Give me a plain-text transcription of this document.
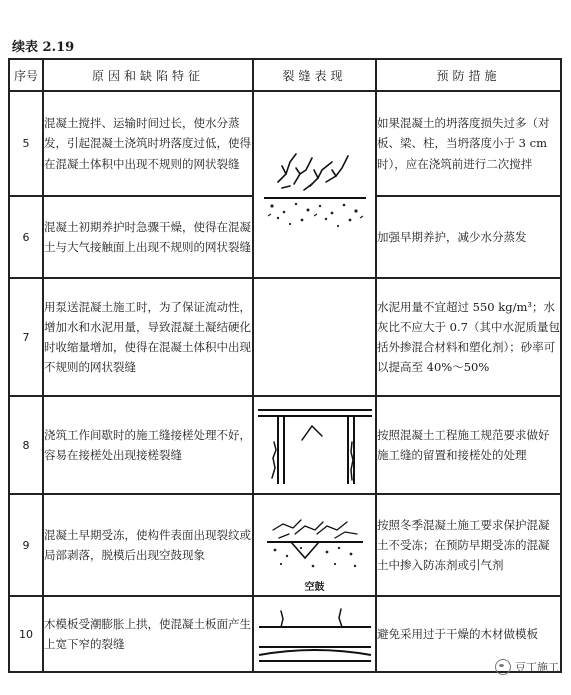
续表 2.19
序号	原因和缺陷特征	裂缝表现	预防措施
5	混凝土搅拌、运输时间过长，使水分蒸发，引起混凝土浇筑时坍落度过低，使得在混凝土体积中出现不规则的网状裂缝		如果混凝土的坍落度损失过多（对板、梁、柱，当坍落度小于 3 cm 时），应在浇筑前进行二次搅拌
6	混凝土初期养护时急骤干燥，使得在混凝土与大气接触面上出现不规则的网状裂缝		加强早期养护，减少水分蒸发
7	用泵送混凝土施工时，为了保证流动性，增加水和水泥用量，导致混凝土凝结硬化时收缩量增加，使得在混凝土体积中出现不规则的网状裂缝		水泥用量不宜超过 550 kg/m³；水灰比不应大于 0.7（其中水泥质量包括外掺混合材料和塑化剂）；砂率可以提高至 40%～50%
8	浇筑工作间歇时的施工缝接槎处理不好，容易在接槎处出现接槎裂缝		按照混凝土工程施工规范要求做好施工缝的留置和接槎处的处理
9	混凝土早期受冻，使构件表面出现裂纹或局部剥落，脱模后出现空鼓现象	空鼓	按照冬季混凝土施工要求保护混凝土不受冻；在预防早期受冻的混凝土中掺入防冻剂或引气剂
10	木模板受潮膨胀上拱，使混凝土板面产生上宽下窄的裂缝		避免采用过于干燥的木材做模板
豆丁施工
